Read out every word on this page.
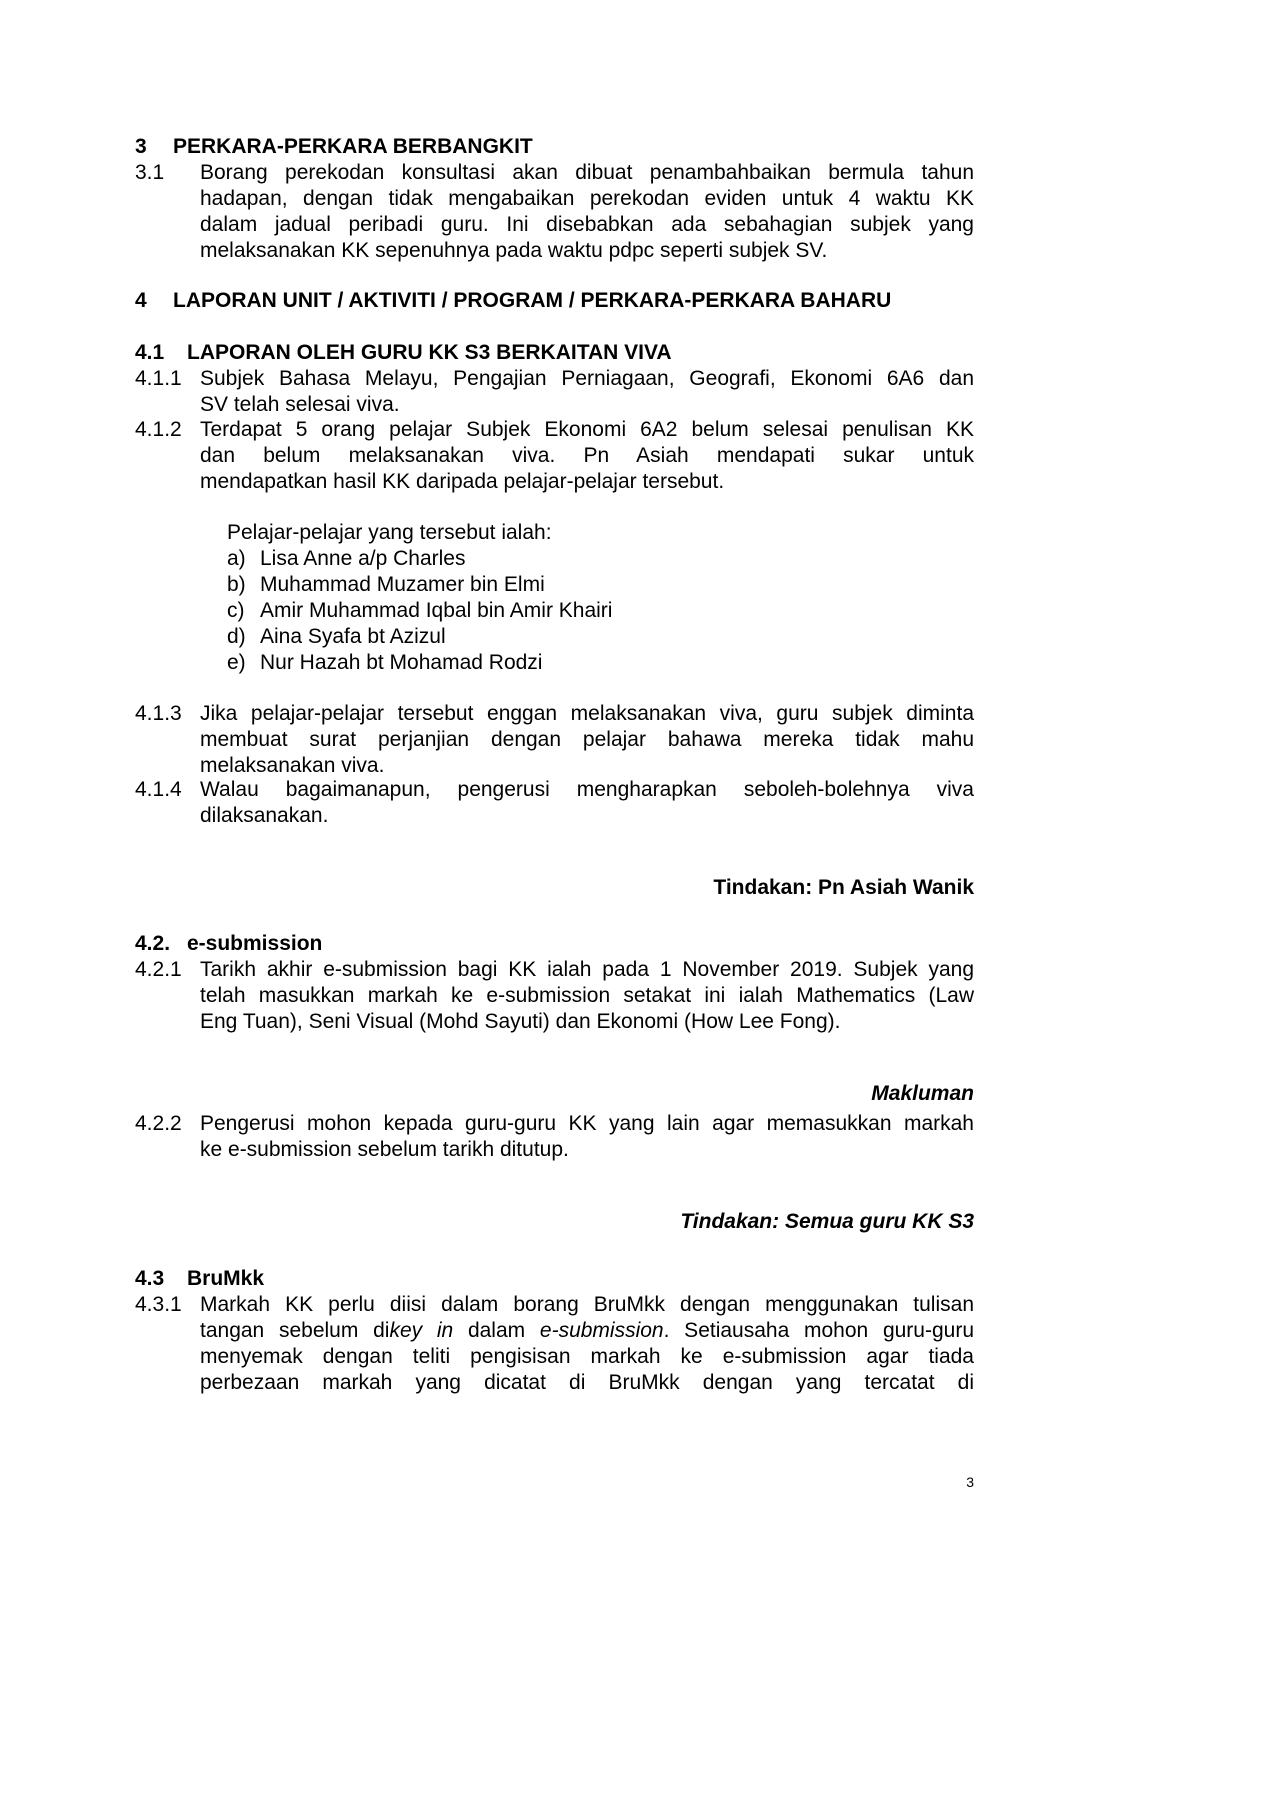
3 PERKARA-PERKARA BERBANGKIT

3.1 Borang perekodan konsultasi akan dibuat penambahbaikan bermula tahun
hadapan, dengan tidak mengabaikan perekodan eviden untuk 4 waktu KK
dalam jadual peribadi guru. Ini disebabkan ada sebahagian subjek yang
melaksanakan KK sepenuhnya pada waktu pdpc seperti subjek SV.

4 LAPORAN UNIT / AKTIVITI / PROGRAM / PERKARA-PERKARA BAHARU

4.1 LAPORAN OLEH GURU KK S3 BERKAITAN VIVA

4.1.1 Subjek Bahasa Melayu, Pengajian Perniagaan, Geografi, Ekonomi 6A6 dan
SV telah selesai viva.

4.1.2 Terdapat 5 orang pelajar Subjek Ekonomi 6A2 belum selesai penulisan KK
dan belum melaksanakan viva. Pn Asiah mendapati sukar untuk
mendapatkan hasil KK daripada pelajar-pelajar tersebut.

Pelajar-pelajar yang tersebut ialah:

a) Lisa Anne a/p Charles
b) Muhammad Muzamer bin Elmi
c) Amir Muhammad Iqbal bin Amir Khairi
d) Aina Syafa bt Azizul
e) Nur Hazah bt Mohamad Rodzi

4.1.3 Jika pelajar-pelajar tersebut enggan melaksanakan viva, guru subjek diminta
membuat surat perjanjian dengan pelajar bahawa mereka tidak mahu
melaksanakan viva.

4.1.4 Walau bagaimanapun, pengerusi mengharapkan seboleh-bolehnya viva
dilaksanakan.

Tindakan: Pn Asiah Wanik

4.2. e-submission

4.2.1 Tarikh akhir e-submission bagi KK ialah pada 1 November 2019. Subjek yang
telah masukkan markah ke e-submission setakat ini ialah Mathematics (Law
Eng Tuan), Seni Visual (Mohd Sayuti) dan Ekonomi (How Lee Fong).

Makluman

4.2.2 Pengerusi mohon kepada guru-guru KK yang lain agar memasukkan markah
ke e-submission sebelum tarikh ditutup.

Tindakan: Semua guru KK S3

4.3 BruMkk

4.3.1 Markah KK perlu diisi dalam borang BruMkk dengan menggunakan tulisan
tangan sebelum dikey in dalam e-submission. Setiausaha mohon guru-guru
menyemak dengan teliti pengisisan markah ke e-submission agar tiada
perbezaan markah yang dicatat di BruMkk dengan yang tercatat di

3
